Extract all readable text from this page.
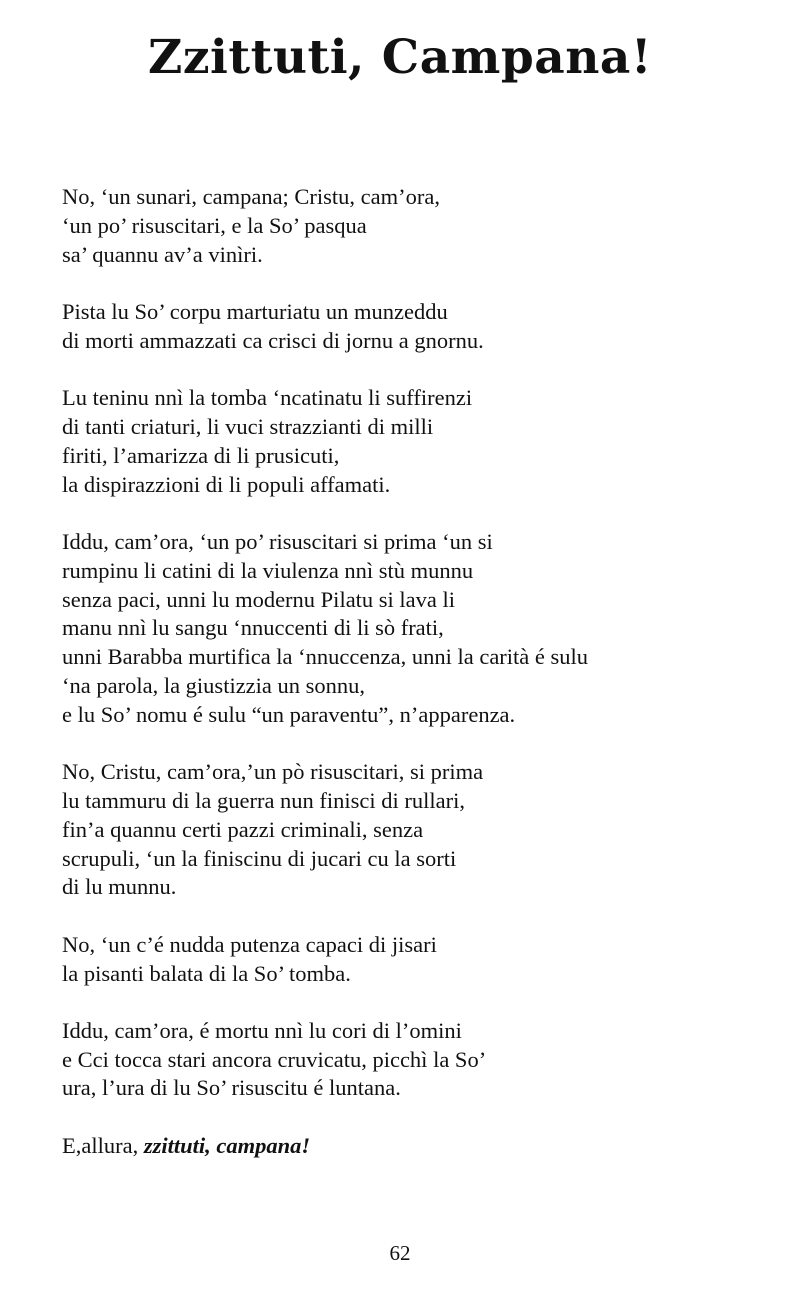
Zzittuti, Campana!

No, ‘un sunari, campana; Cristu, cam’ora,
‘un po’ risuscitari, e la So’ pasqua
sa’ quannu av’a vinìri.

Pista lu So’ corpu marturiatu un munzeddu
di morti ammazzati ca crisci di jornu a gnornu.

Lu teninu nnì la tomba ‘ncatinatu li suffirenzi
di tanti criaturi, li vuci strazzianti di milli
firiti, l’amarizza di li prusicuti,
la dispirazzioni di li populi affamati.

Iddu, cam’ora, ‘un po’ risuscitari si prima ‘un si
rumpinu li catini di la viulenza nnì stù munnu
senza paci, unni lu modernu Pilatu si lava li
manu nnì lu sangu ‘nnuccenti di li sò frati,
unni Barabba murtifica la ‘nnuccenza, unni la carità é sulu
‘na parola, la giustizzia un sonnu,
e lu So’ nomu é sulu “un paraventu”, n’apparenza.

No, Cristu, cam’ora,’un pò risuscitari, si prima
lu tammuru di la guerra nun finisci di rullari,
fin’a quannu certi pazzi criminali, senza
scrupuli, ‘un la finiscinu di jucari cu la sorti
di lu munnu.

No, ‘un c’é nudda putenza capaci di jisari
la pisanti balata di la So’ tomba.

Iddu, cam’ora, é mortu nnì lu cori di l’omini
e Cci tocca stari ancora cruvicatu, picchì la So’
ura, l’ura di lu So’ risuscitu é luntana.

E,allura, zzittuti, campana!

62
